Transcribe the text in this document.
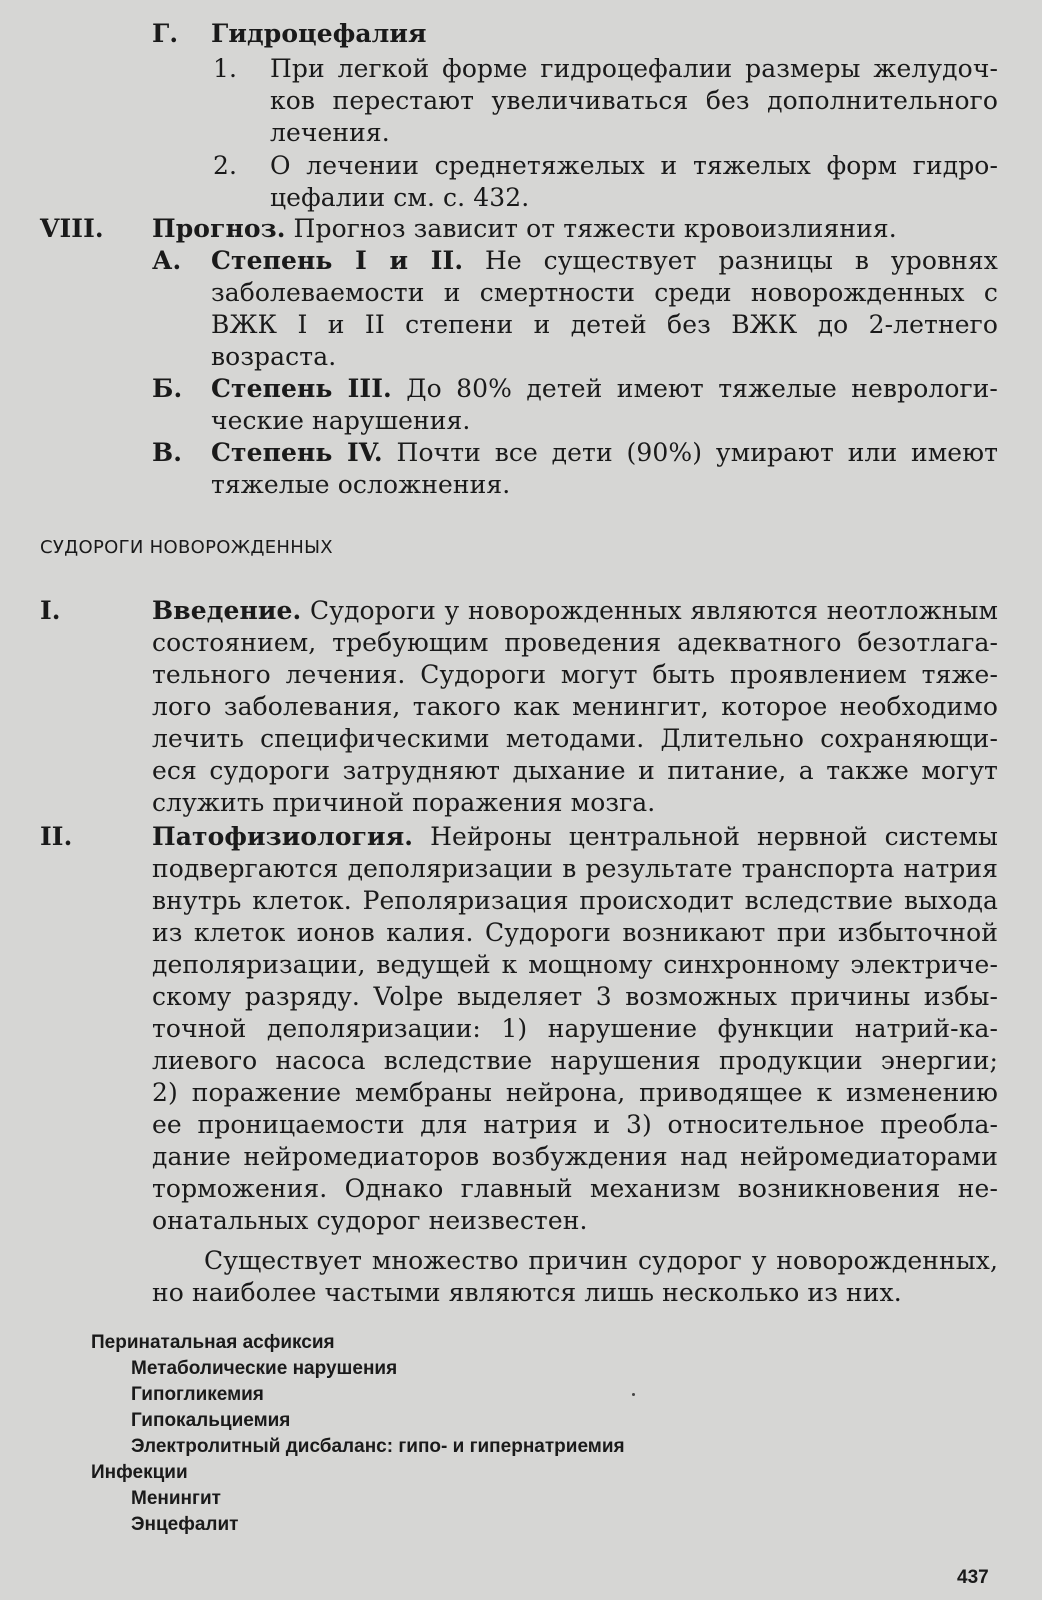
Г. Гидроцефалия
1. При легкой форме гидроцефалии размеры желудоч-
ков перестают увеличиваться без дополнительного
лечения.
2. О лечении среднетяжелых и тяжелых форм гидро-
цефалии см. с. 432.
VIII. Прогноз. Прогноз зависит от тяжести кровоизлияния.
А. Степень I и II. Не существует разницы в уровнях
заболеваемости и смертности среди новорожденных с
ВЖК I и II степени и детей без ВЖК до 2-летнего
возраста.
Б. Степень III. До 80% детей имеют тяжелые неврологи-
ческие нарушения.
В. Степень IV. Почти все дети (90%) умирают или имеют
тяжелые осложнения.
СУДОРОГИ НОВОРОЖДЕННЫХ
I.	Введение. Судороги у новорожденных являются неотложным
состоянием, требующим проведения адекватного безотлага-
тельного лечения. Судороги могут быть проявлением тяже-
лого заболевания, такого как менингит, которое необходимо
лечить специфическими методами. Длительно сохраняющи-
еся судороги затрудняют дыхание и питание, а также могут
служить причиной поражения мозга.
II.	Патофизиология. Нейроны центральной нервной системы
подвергаются деполяризации в результате транспорта натрия
внутрь клеток. Реполяризация происходит вследствие выхода
из клеток ионов калия. Судороги возникают при избыточной
деполяризации, ведущей к мощному синхронному электриче-
скому разряду. Volpe выделяет 3 возможных причины избы-
точной деполяризации: 1) нарушение функции натрий-ка-
лиевого насоса вследствие нарушения продукции энергии;
2) поражение мембраны нейрона, приводящее к изменению
ее проницаемости для натрия и 3) относительное преобла-
дание нейромедиаторов возбуждения над нейромедиаторами
торможения. Однако главный механизм возникновения не-
онатальных судорог неизвестен.
Существует множество причин судорог у новорожденных,
но наиболее частыми являются лишь несколько из них.
Перинатальная асфиксия
Метаболические нарушения
Гипогликемия
Гипокальциемия
Электролитный дисбаланс: гипо- и гипернатриемия
Инфекции
Менингит
Энцефалит
437
